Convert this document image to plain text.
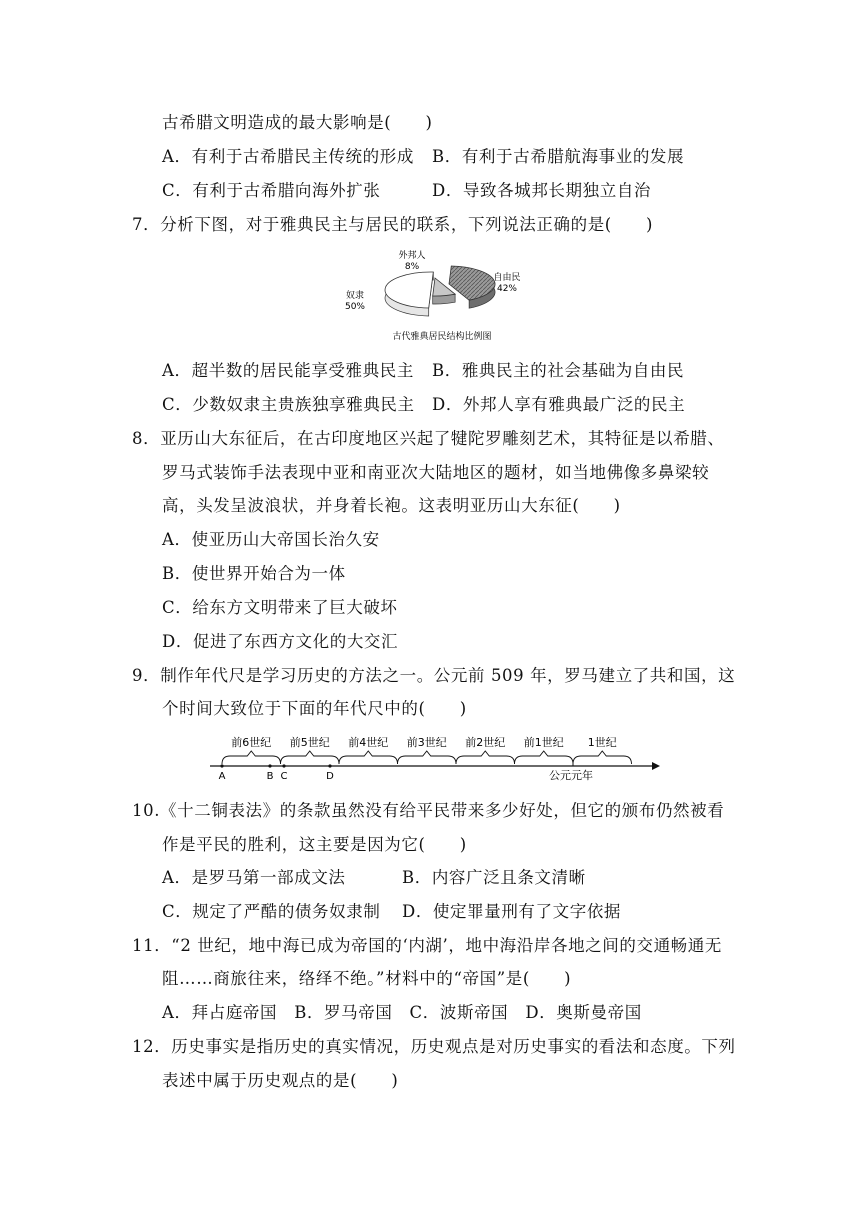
古希腊文明造成的最大影响是(　　)
A．有利于古希腊民主传统的形成 B．有利于古希腊航海事业的发展
C．有利于古希腊向海外扩张	D．导致各城邦长期独立自治
7．分析下图，对于雅典民主与居民的联系，下列说法正确的是(　　)
外邦人
8%
自由民
42%
奴隶
50%
古代雅典居民结构比例图
A．超半数的居民能享受雅典民主 B．雅典民主的社会基础为自由民
C．少数奴隶主贵族独享雅典民主 D．外邦人享有雅典最广泛的民主
8．亚历山大东征后，在古印度地区兴起了犍陀罗雕刻艺术，其特征是以希腊、
罗马式装饰手法表现中亚和南亚次大陆地区的题材，如当地佛像多鼻梁较
高，头发呈波浪状，并身着长袍。这表明亚历山大东征(　　)
A．使亚历山大帝国长治久安
B．使世界开始合为一体
C．给东方文明带来了巨大破坏
D．促进了东西方文化的大交汇
9．制作年代尺是学习历史的方法之一。公元前 509 年，罗马建立了共和国，这
个时间大致位于下面的年代尺中的(　　)
前6世纪 前5世纪 前4世纪 前3世纪 前2世纪 前1世纪 1世纪
A	B C	D	公元元年
10.《十二铜表法》的条款虽然没有给平民带来多少好处，但它的颁布仍然被看
作是平民的胜利，这主要是因为它(　　)
A．是罗马第一部成文法	B．内容广泛且条文清晰
C．规定了严酷的债务奴隶制 D．使定罪量刑有了文字依据
11．“2 世纪，地中海已成为帝国的‘内湖’，地中海沿岸各地之间的交通畅通无
阻……商旅往来，络绎不绝。”材料中的“帝国”是(　　)
A．拜占庭帝国　B．罗马帝国　C．波斯帝国　D．奥斯曼帝国
12．历史事实是指历史的真实情况，历史观点是对历史事实的看法和态度。下列
表述中属于历史观点的是(　　)
